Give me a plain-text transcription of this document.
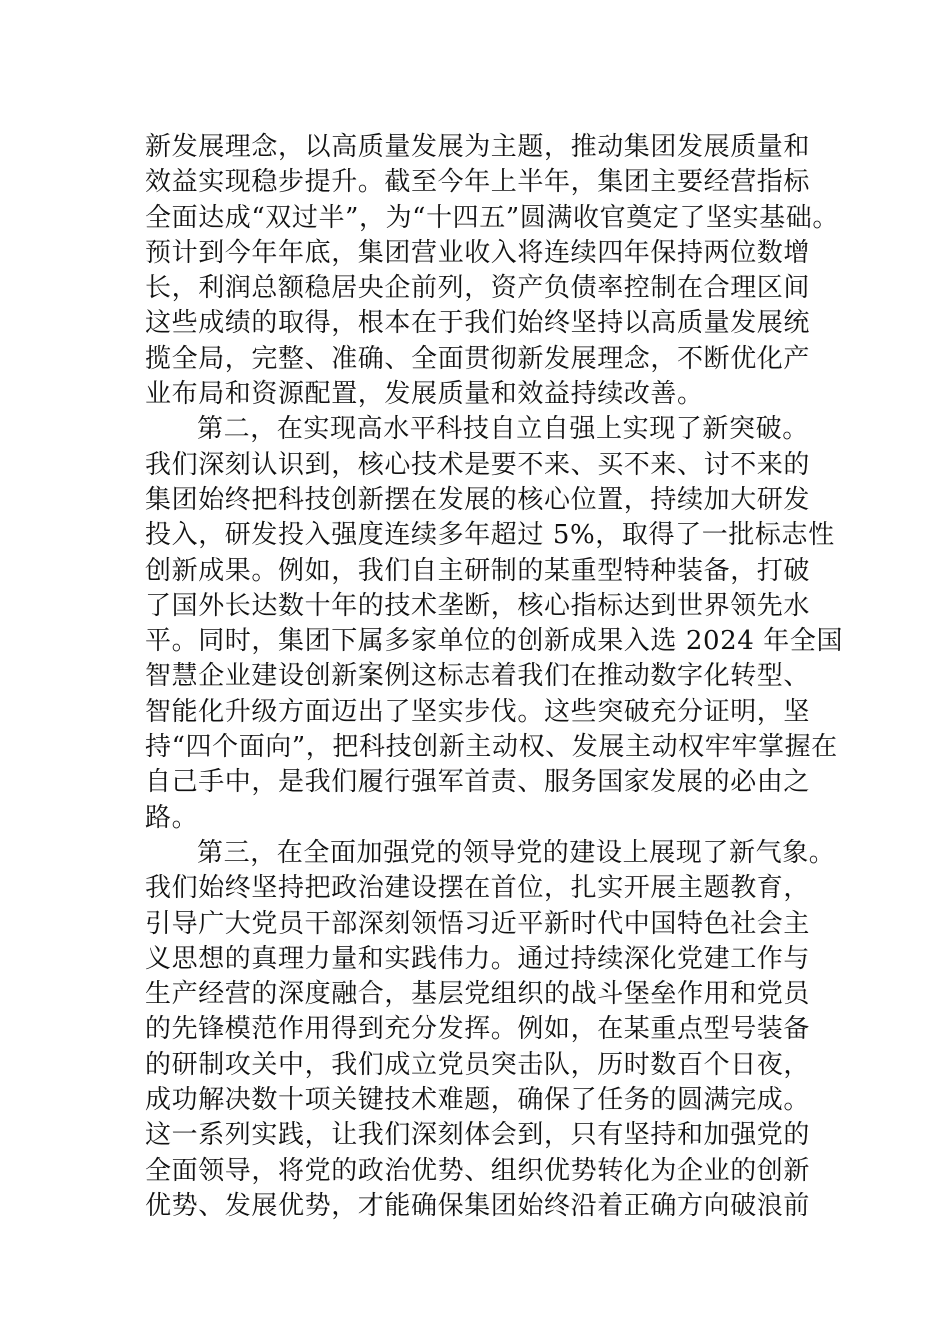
新发展理念，以高质量发展为主题，推动集团发展质量和
效益实现稳步提升。截至今年上半年，集团主要经营指标
全面达成“双过半”，为“十四五”圆满收官奠定了坚实基础。
预计到今年年底，集团营业收入将连续四年保持两位数增
长，利润总额稳居央企前列，资产负债率控制在合理区间
这些成绩的取得，根本在于我们始终坚持以高质量发展统
揽全局，完整、准确、全面贯彻新发展理念，不断优化产
业布局和资源配置，发展质量和效益持续改善。
第二，在实现高水平科技自立自强上实现了新突破。
我们深刻认识到，核心技术是要不来、买不来、讨不来的
集团始终把科技创新摆在发展的核心位置，持续加大研发
投入，研发投入强度连续多年超过 5%，取得了一批标志性
创新成果。例如，我们自主研制的某重型特种装备，打破
了国外长达数十年的技术垄断，核心指标达到世界领先水
平。同时，集团下属多家单位的创新成果入选 2024 年全国
智慧企业建设创新案例这标志着我们在推动数字化转型、
智能化升级方面迈出了坚实步伐。这些突破充分证明，坚
持“四个面向”，把科技创新主动权、发展主动权牢牢掌握在
自己手中，是我们履行强军首责、服务国家发展的必由之
路。
第三，在全面加强党的领导党的建设上展现了新气象。
我们始终坚持把政治建设摆在首位，扎实开展主题教育，
引导广大党员干部深刻领悟习近平新时代中国特色社会主
义思想的真理力量和实践伟力。通过持续深化党建工作与
生产经营的深度融合，基层党组织的战斗堡垒作用和党员
的先锋模范作用得到充分发挥。例如，在某重点型号装备
的研制攻关中，我们成立党员突击队，历时数百个日夜，
成功解决数十项关键技术难题，确保了任务的圆满完成。
这一系列实践，让我们深刻体会到，只有坚持和加强党的
全面领导，将党的政治优势、组织优势转化为企业的创新
优势、发展优势，才能确保集团始终沿着正确方向破浪前
